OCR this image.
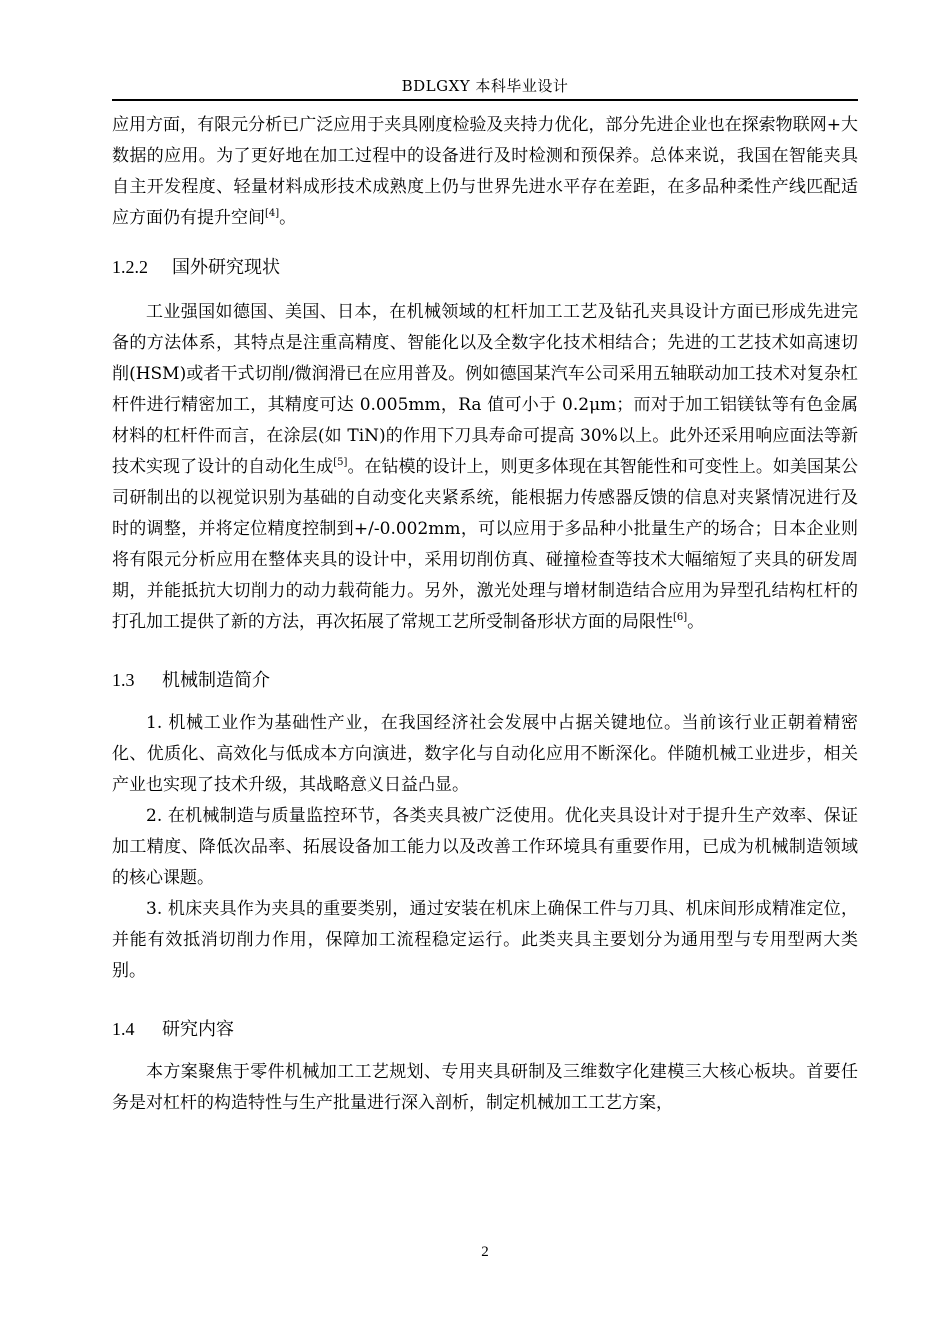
BDLGXY 本科毕业设计

应用方面，有限元分析已广泛应用于夹具刚度检验及夹持力优化，部分先进企业也在探索物联网+大数据的应用。为了更好地在加工过程中的设备进行及时检测和预保养。总体来说，我国在智能夹具自主开发程度、轻量材料成形技术成熟度上仍与世界先进水平存在差距，在多品种柔性产线匹配适应方面仍有提升空间[4]。

1.2.2 国外研究现状

工业强国如德国、美国、日本，在机械领域的杠杆加工工艺及钻孔夹具设计方面已形成先进完备的方法体系，其特点是注重高精度、智能化以及全数字化技术相结合；先进的工艺技术如高速切削(HSM)或者干式切削/微润滑已在应用普及。例如德国某汽车公司采用五轴联动加工技术对复杂杠杆件进行精密加工，其精度可达 0.005mm，Ra 值可小于 0.2μm；而对于加工铝镁钛等有色金属材料的杠杆件而言，在涂层(如 TiN)的作用下刀具寿命可提高 30%以上。此外还采用响应面法等新技术实现了设计的自动化生成[5]。在钻模的设计上，则更多体现在其智能性和可变性上。如美国某公司研制出的以视觉识别为基础的自动变化夹紧系统，能根据力传感器反馈的信息对夹紧情况进行及时的调整，并将定位精度控制到+/-0.002mm，可以应用于多品种小批量生产的场合；日本企业则将有限元分析应用在整体夹具的设计中，采用切削仿真、碰撞检查等技术大幅缩短了夹具的研发周期，并能抵抗大切削力的动力载荷能力。另外，激光处理与增材制造结合应用为异型孔结构杠杆的打孔加工提供了新的方法，再次拓展了常规工艺所受制备形状方面的局限性[6]。

1.3 机械制造简介

1. 机械工业作为基础性产业，在我国经济社会发展中占据关键地位。当前该行业正朝着精密化、优质化、高效化与低成本方向演进，数字化与自动化应用不断深化。伴随机械工业进步，相关产业也实现了技术升级，其战略意义日益凸显。

2. 在机械制造与质量监控环节，各类夹具被广泛使用。优化夹具设计对于提升生产效率、保证加工精度、降低次品率、拓展设备加工能力以及改善工作环境具有重要作用，已成为机械制造领域的核心课题。

3. 机床夹具作为夹具的重要类别，通过安装在机床上确保工件与刀具、机床间形成精准定位，并能有效抵消切削力作用，保障加工流程稳定运行。此类夹具主要划分为通用型与专用型两大类别。

1.4 研究内容

本方案聚焦于零件机械加工工艺规划、专用夹具研制及三维数字化建模三大核心板块。首要任务是对杠杆的构造特性与生产批量进行深入剖析，制定机械加工工艺方案，

2
